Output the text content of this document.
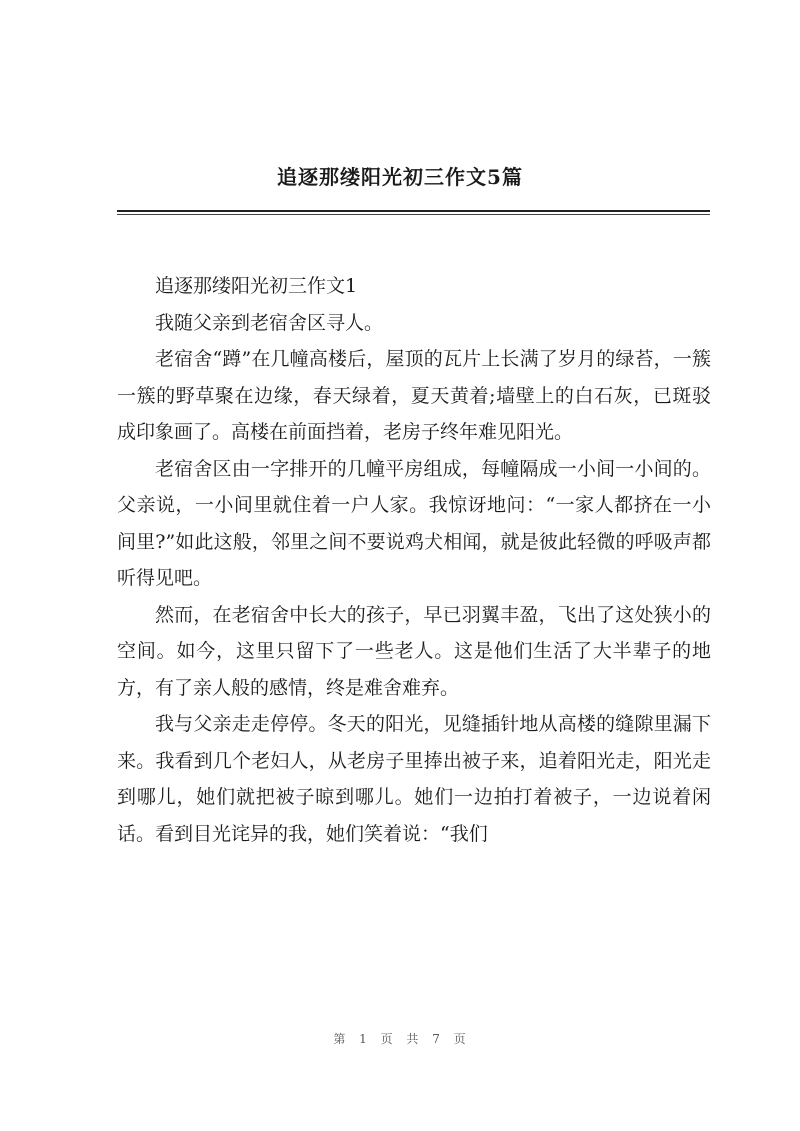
追逐那缕阳光初三作文5篇

追逐那缕阳光初三作文1

我随父亲到老宿舍区寻人。

老宿舍“蹲”在几幢高楼后，屋顶的瓦片上长满了岁月的绿苔，一簇一簇的野草聚在边缘，春天绿着，夏天黄着;墙壁上的白石灰，已斑驳成印象画了。高楼在前面挡着，老房子终年难见阳光。

老宿舍区由一字排开的几幢平房组成，每幢隔成一小间一小间的。父亲说，一小间里就住着一户人家。我惊讶地问：“一家人都挤在一小间里?”如此这般，邻里之间不要说鸡犬相闻，就是彼此轻微的呼吸声都听得见吧。

然而，在老宿舍中长大的孩子，早已羽翼丰盈，飞出了这处狭小的空间。如今，这里只留下了一些老人。这是他们生活了大半辈子的地方，有了亲人般的感情，终是难舍难弃。

我与父亲走走停停。冬天的阳光，见缝插针地从高楼的缝隙里漏下来。我看到几个老妇人，从老房子里捧出被子来，追着阳光走，阳光走到哪儿，她们就把被子晾到哪儿。她们一边拍打着被子，一边说着闲话。看到目光诧异的我，她们笑着说：“我们

第 1 页 共 7 页
